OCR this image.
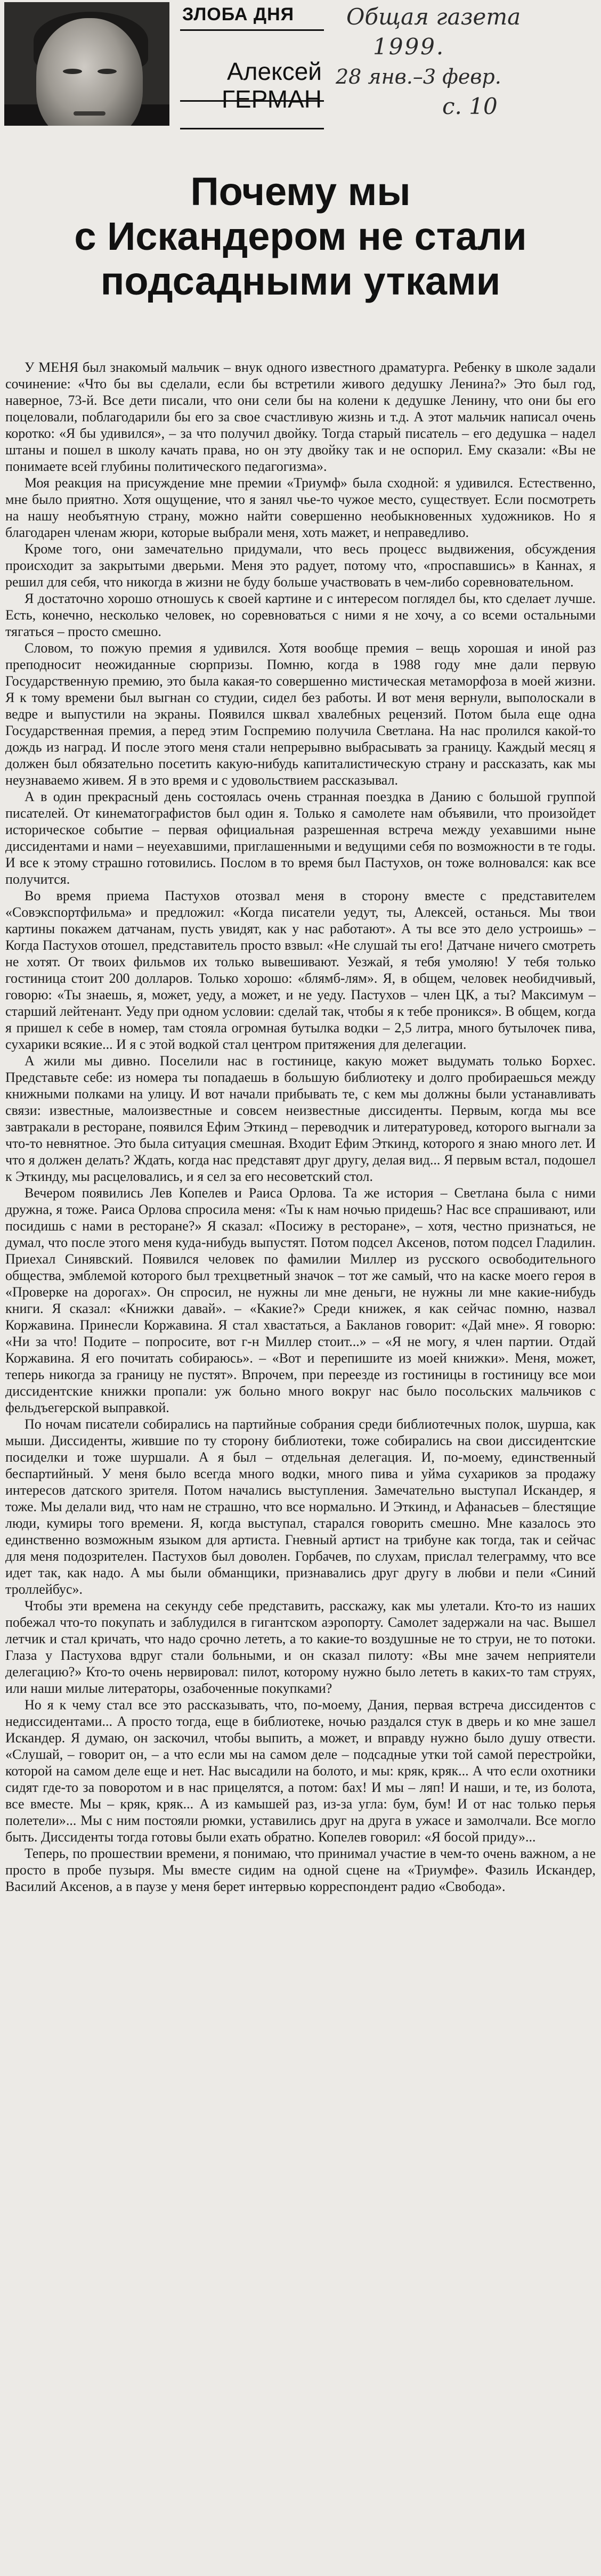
ЗЛОБА ДНЯ
Алексей
ГЕРМАН
Общая газета
1999.
28 янв.–3 февр.
с. 10
Почему мы
с Искандером не стали
подсадными утками

У МЕНЯ был знакомый мальчик – внук одного известного драматурга. Ребенку в школе задали сочинение: «Что бы вы сделали, если бы встретили живого дедушку Ленина?» Это был год, наверное, 73-й. Все дети писали, что они сели бы на колени к дедушке Ленину, что они бы его поцеловали, поблагодарили бы его за свое счастливую жизнь и т.д. А этот мальчик написал очень коротко: «Я бы удивился», – за что получил двойку. Тогда старый писатель – его дедушка – надел штаны и пошел в школу качать права, но он эту двойку так и не оспорил. Ему сказали: «Вы не понимаете всей глубины политического педагогизма».

Моя реакция на присуждение мне премии «Триумф» была сходной: я удивился. Естественно, мне было приятно. Хотя ощущение, что я занял чье-то чужое место, существует. Если посмотреть на нашу необъятную страну, можно найти совершенно необыкновенных художников. Но я благодарен членам жюри, которые выбрали меня, хоть мажет, и неправедливо.

Кроме того, они замечательно придумали, что весь процесс выдвижения, обсуждения происходит за закрытыми дверьми. Меня это радует, потому что, «проспавшись» в Каннах, я решил для себя, что никогда в жизни не буду больше участвовать в чем-либо соревновательном.

Я достаточно хорошо отношусь к своей картине и с интересом поглядел бы, кто сделает лучше. Есть, конечно, несколько человек, но соревноваться с ними я не хочу, а со всеми остальными тягаться – просто смешно.

Словом, то пожую премия я удивился. Хотя вообще премия – вещь хорошая и иной раз преподносит неожиданные сюрпризы. Помню, когда в 1988 году мне дали первую Государственную премию, это была какая-то совершенно мистическая метаморфоза в моей жизни. Я к тому времени был выгнан со студии, сидел без работы. И вот меня вернули, выполоскали в ведре и выпустили на экраны. Появился шквал хвалебных рецензий. Потом была еще одна Государственная премия, а перед этим Госпремию получила Светлана. На нас пролился какой-то дождь из наград. И после этого меня стали непрерывно выбрасывать за границу. Каждый месяц я должен был обязательно посетить какую-нибудь капиталистическую страну и рассказать, как мы неузнаваемо живем. Я в это время и с удовольствием рассказывал.

А в один прекрасный день состоялась очень странная поездка в Данию с большой группой писателей. От кинематографистов был один я. Только я самолете нам объявили, что произойдет историческое событие – первая официальная разрешенная встреча между уехавшими ныне диссидентами и нами – неуехавшими, приглашенными и ведущими себя по возможности в те годы. И все к этому страшно готовились. Послом в то время был Пастухов, он тоже волновался: как все получится.

Во время приема Пастухов отозвал меня в сторону вместе с представителем «Совэкспортфильма» и предложил: «Когда писатели уедут, ты, Алексей, останься. Мы твои картины покажем датчанам, пусть увидят, как у нас работают». А ты все это дело устроишь» – Когда Пастухов отошел, представитель просто взвыл: «Не слушай ты его! Датчане ничего смотреть не хотят. От твоих фильмов их только вывешивают. Уезжай, я тебя умоляю! У тебя только гостиница стоит 200 долларов. Только хорошо: «блямб-лям». Я, в общем, человек необидчивый, говорю: «Ты знаешь, я, может, уеду, а может, и не уеду. Пастухов – член ЦК, а ты? Максимум – старший лейтенант. Уеду при одном условии: сделай так, чтобы я к тебе проникся». В общем, когда я пришел к себе в номер, там стояла огромная бутылка водки – 2,5 литра, много бутылочек пива, сухарики всякие... И я с этой водкой стал центром притяжения для делегации.

А жили мы дивно. Поселили нас в гостинице, какую может выдумать только Борхес. Представьте себе: из номера ты попадаешь в большую библиотеку и долго пробираешься между книжными полками на улицу. И вот начали прибывать те, с кем мы должны были устанавливать связи: известные, малоизвестные и совсем неизвестные диссиденты. Первым, когда мы все завтракали в ресторане, появился Ефим Эткинд – переводчик и литературовед, которого выгнали за что-то невнятное. Это была ситуация смешная. Входит Ефим Эткинд, которого я знаю много лет. И что я должен делать? Ждать, когда нас представят друг другу, делая вид... Я первым встал, подошел к Эткинду, мы расцеловались, и я сел за его несоветский стол.

Вечером появились Лев Копелев и Раиса Орлова. Та же история – Светлана была с ними дружна, я тоже. Раиса Орлова спросила меня: «Ты к нам ночью придешь? Нас все спрашивают, или посидишь с нами в ресторане?» Я сказал: «Посижу в ресторане», – хотя, честно признаться, не думал, что после этого меня куда-нибудь выпустят. Потом подсел Аксенов, потом подсел Гладилин. Приехал Синявский. Появился человек по фамилии Миллер из русского освободительного общества, эмблемой которого был трехцветный значок – тот же самый, что на каске моего героя в «Проверке на дорогах». Он спросил, не нужны ли мне деньги, не нужны ли мне какие-нибудь книги. Я сказал: «Книжки давай». – «Какие?» Среди книжек, я как сейчас помню, назвал Коржавина. Принесли Коржавина. Я стал хвастаться, а Бакланов говорит: «Дай мне». Я говорю: «Ни за что! Подите – попросите, вот г-н Миллер стоит...» – «Я не могу, я член партии. Отдай Коржавина. Я его почитать собираюсь». – «Вот и перепишите из моей книжки». Меня, может, теперь никогда за границу не пустят». Впрочем, при переезде из гостиницы в гостиницу все мои диссидентские книжки пропали: уж больно много вокруг нас было посольских мальчиков с фельдъегерской выправкой.

По ночам писатели собирались на партийные собрания среди библиотечных полок, шурша, как мыши. Диссиденты, жившие по ту сторону библиотеки, тоже собирались на свои диссидентские посиделки и тоже шуршали. А я был – отдельная делегация. И, по-моему, единственный беспартийный. У меня было всегда много водки, много пива и уйма сухариков за продажу интересов датского зрителя. Потом начались выступления. Замечательно выступал Искандер, я тоже. Мы делали вид, что нам не страшно, что все нормально. И Эткинд, и Афанасьев – блестящие люди, кумиры того времени. Я, когда выступал, старался говорить смешно. Мне казалось это единственно возможным языком для артиста. Гневный артист на трибуне как тогда, так и сейчас для меня подозрителен. Пастухов был доволен. Горбачев, по слухам, прислал телеграмму, что все идет так, как надо. А мы были обманщики, признавались друг другу в любви и пели «Синий троллейбус».

Чтобы эти времена на секунду себе представить, расскажу, как мы улетали. Кто-то из наших побежал что-то покупать и заблудился в гигантском аэропорту. Самолет задержали на час. Вышел летчик и стал кричать, что надо срочно лететь, а то какие-то воздушные не то струи, не то потоки. Глаза у Пастухова вдруг стали больными, и он сказал пилоту: «Вы мне зачем неприятели делегацию?» Кто-то очень нервировал: пилот, которому нужно было лететь в каких-то там струях, или наши милые литераторы, озабоченные покупками?

Но я к чему стал все это рассказывать, что, по-моему, Дания, первая встреча диссидентов с недиссидентами... А просто тогда, еще в библиотеке, ночью раздался стук в дверь и ко мне зашел Искандер. Я думаю, он заскочил, чтобы выпить, а может, и вправду нужно было душу отвести. «Слушай, – говорит он, – а что если мы на самом деле – подсадные утки той самой перестройки, которой на самом деле еще и нет. Нас высадили на болото, и мы: кряк, кряк... А что если охотники сидят где-то за поворотом и в нас прицелятся, а потом: бах! И мы – ляп! И наши, и те, из болота, все вместе. Мы – кряк, кряк... А из камышей раз, из-за угла: бум, бум! И от нас только перья полетели»... Мы с ним постояли рюмки, уставились друг на друга в ужасе и замолчали. Все могло быть. Диссиденты тогда готовы были ехать обратно. Копелев говорил: «Я босой приду»...

Теперь, по прошествии времени, я понимаю, что принимал участие в чем-то очень важном, а не просто в пробе пузыря. Мы вместе сидим на одной сцене на «Триумфе». Фазиль Искандер, Василий Аксенов, а в паузе у меня берет интервью корреспондент радио «Свобода».
